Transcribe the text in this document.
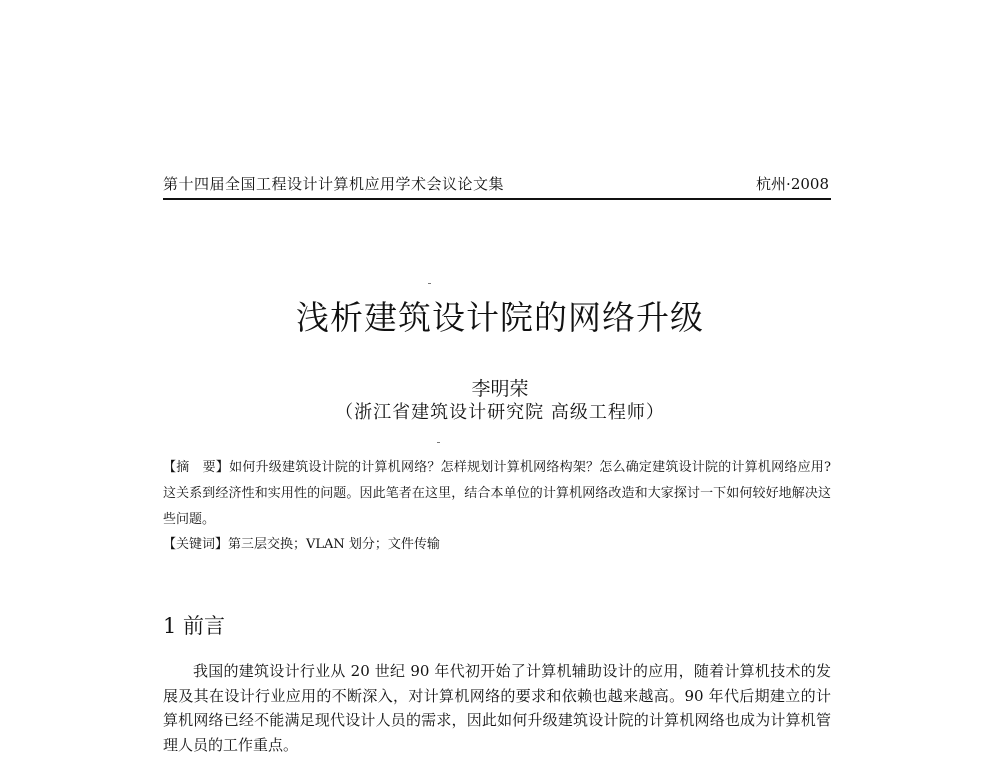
第十四届全国工程设计计算机应用学术会议论文集	杭州·2008
浅析建筑设计院的网络升级
李明荣
（浙江省建筑设计研究院 高级工程师）

【摘　要】如何升级建筑设计院的计算机网络？怎样规划计算机网络构架？怎么确定建筑设计院的计算机网络应用?这关系到经济性和实用性的问题。因此笔者在这里，结合本单位的计算机网络改造和大家探讨一下如何较好地解决这些问题。

【关键词】第三层交换；VLAN 划分；文件传输

1 前言

我国的建筑设计行业从 20 世纪 90 年代初开始了计算机辅助设计的应用，随着计算机技术的发展及其在设计行业应用的不断深入，对计算机网络的要求和依赖也越来越高。90 年代后期建立的计算机网络已经不能满足现代设计人员的需求，因此如何升级建筑设计院的计算机网络也成为计算机管理人员的工作重点。
